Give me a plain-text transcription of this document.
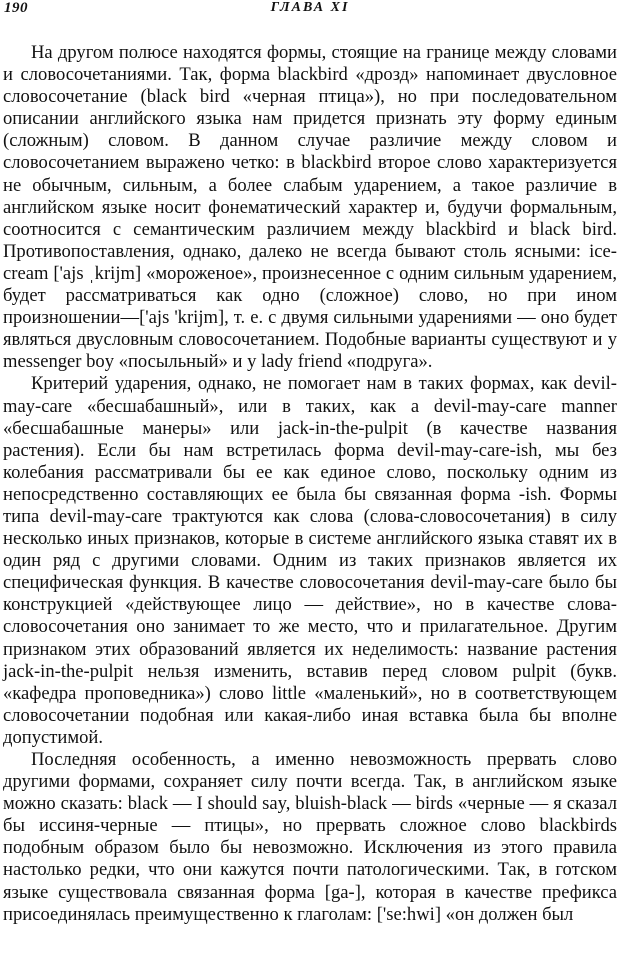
190	ГЛАВА XI

На другом полюсе находятся формы, стоящие на границе между словами и словосочетаниями. Так, форма blackbird «дрозд» напоминает двусловное словосочетание (black bird «черная птица»), но при последовательном описании английского языка нам придется признать эту форму единым (сложным) словом. В данном случае различие между словом и словосочетанием выражено четко: в blackbird второе слово характеризуется не обычным, сильным, а более слабым ударением, а такое различие в английском языке носит фонематический характер и, будучи формальным, соотносится с семантическим различием между blackbird и black bird. Противопоставления, однако, далеко не всегда бывают столь ясными: ice-cream ['ajs ˌkrijm] «мороженое», произнесенное с одним сильным ударением, будет рассматриваться как одно (сложное) слово, но при ином произношении—['ajs 'krijm], т. е. с двумя сильными ударениями — оно будет являться двусловным словосочетанием. Подобные варианты существуют и у messenger boy «посыльный» и у lady friend «подруга».

Критерий ударения, однако, не помогает нам в таких формах, как devil-may-care «бесшабашный», или в таких, как a devil-may-care manner «бесшабашные манеры» или jack-in-the-pulpit (в качестве названия растения). Если бы нам встретилась форма devil-may-care-ish, мы без колебания рассматривали бы ее как единое слово, поскольку одним из непосредственно составляющих ее была бы связанная форма -ish. Формы типа devil-may-care трактуются как слова (слова-словосочетания) в силу несколько иных признаков, которые в системе английского языка ставят их в один ряд с другими словами. Одним из таких признаков является их специфическая функция. В качестве словосочетания devil-may-care было бы конструкцией «действующее лицо — действие», но в качестве слова-словосочетания оно занимает то же место, что и прилагательное. Другим признаком этих образований является их неделимость: название растения jack-in-the-pulpit нельзя изменить, вставив перед словом pulpit (букв. «кафедра проповедника») слово little «маленький», но в соответствующем словосочетании подобная или какая-либо иная вставка была бы вполне допустимой.

Последняя особенность, а именно невозможность прервать слово другими формами, сохраняет силу почти всегда. Так, в английском языке можно сказать: black — I should say, bluish-black — birds «черные — я сказал бы иссиня-черные — птицы», но прервать сложное слово blackbirds подобным образом было бы невозможно. Исключения из этого правила настолько редки, что они кажутся почти патологическими. Так, в готском языке существовала связанная форма [ga-], которая в качестве префикса присоединялась преимущественно к глаголам: ['se:hwi] «он должен был
